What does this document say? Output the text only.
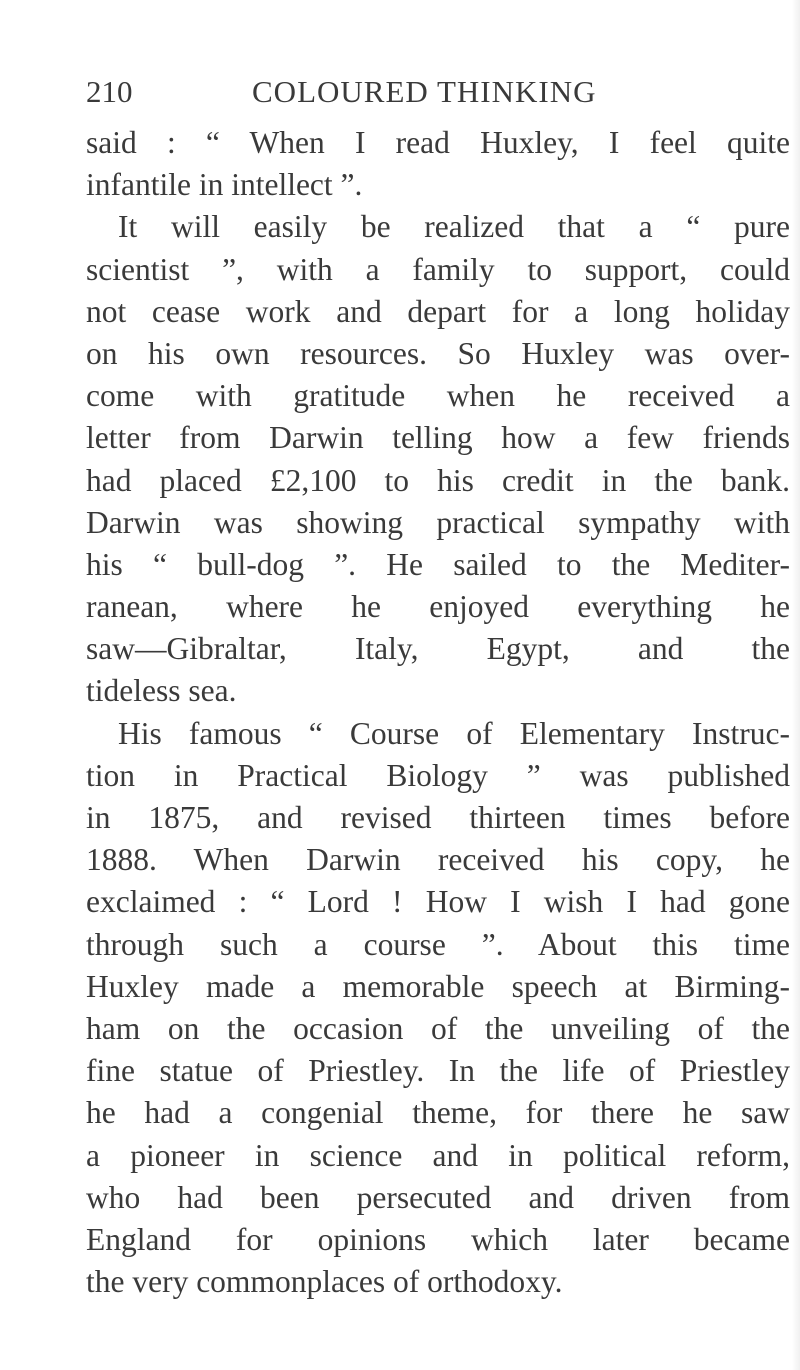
210	COLOURED THINKING
said : “ When I read Huxley, I feel quite
infantile in intellect ”.
It will easily be realized that a “ pure
scientist ”, with a family to support, could
not cease work and depart for a long holiday
on his own resources. So Huxley was over-
come with gratitude when he received a
letter from Darwin telling how a few friends
had placed £2,100 to his credit in the bank.
Darwin was showing practical sympathy with
his “ bull-dog ”. He sailed to the Mediter-
ranean, where he enjoyed everything he
saw—Gibraltar, Italy, Egypt, and the
tideless sea.
His famous “ Course of Elementary Instruc-
tion in Practical Biology ” was published
in 1875, and revised thirteen times before
1888. When Darwin received his copy, he
exclaimed : “ Lord ! How I wish I had gone
through such a course ”. About this time
Huxley made a memorable speech at Birming-
ham on the occasion of the unveiling of the
fine statue of Priestley. In the life of Priestley
he had a congenial theme, for there he saw
a pioneer in science and in political reform,
who had been persecuted and driven from
England for opinions which later became
the very commonplaces of orthodoxy.
